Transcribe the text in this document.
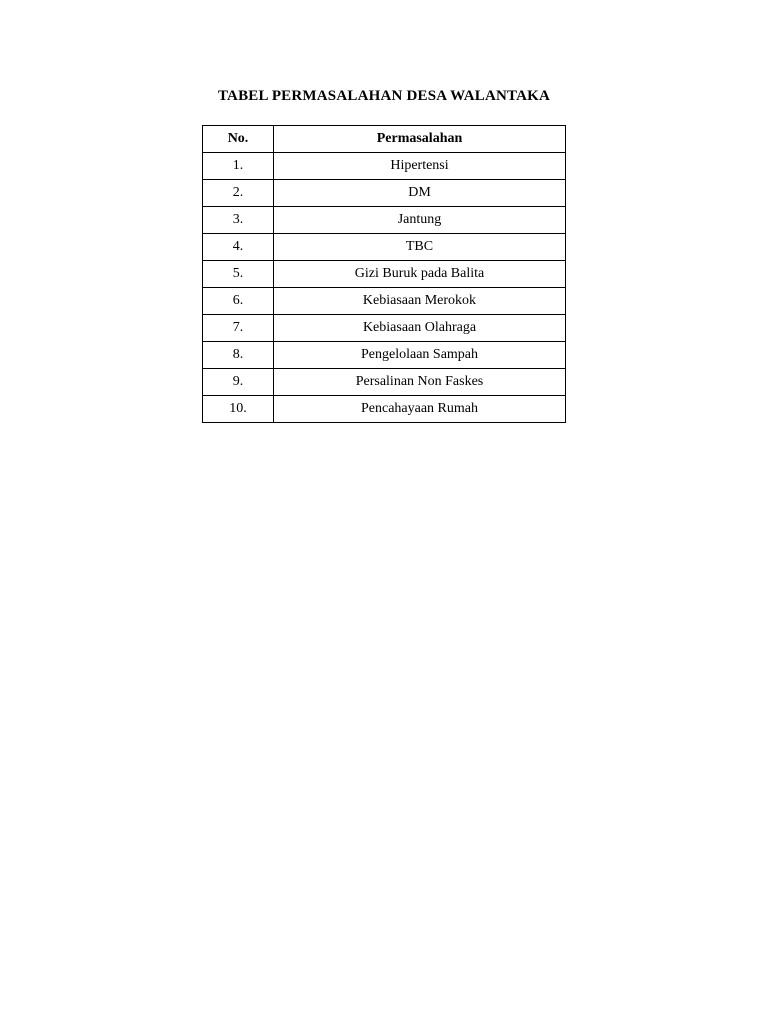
TABEL PERMASALAHAN DESA WALANTAKA
No.	Permasalahan
1.	Hipertensi
2.	DM
3.	Jantung
4.	TBC
5.	Gizi Buruk pada Balita
6.	Kebiasaan Merokok
7.	Kebiasaan Olahraga
8.	Pengelolaan Sampah
9.	Persalinan Non Faskes
10.	Pencahayaan Rumah
